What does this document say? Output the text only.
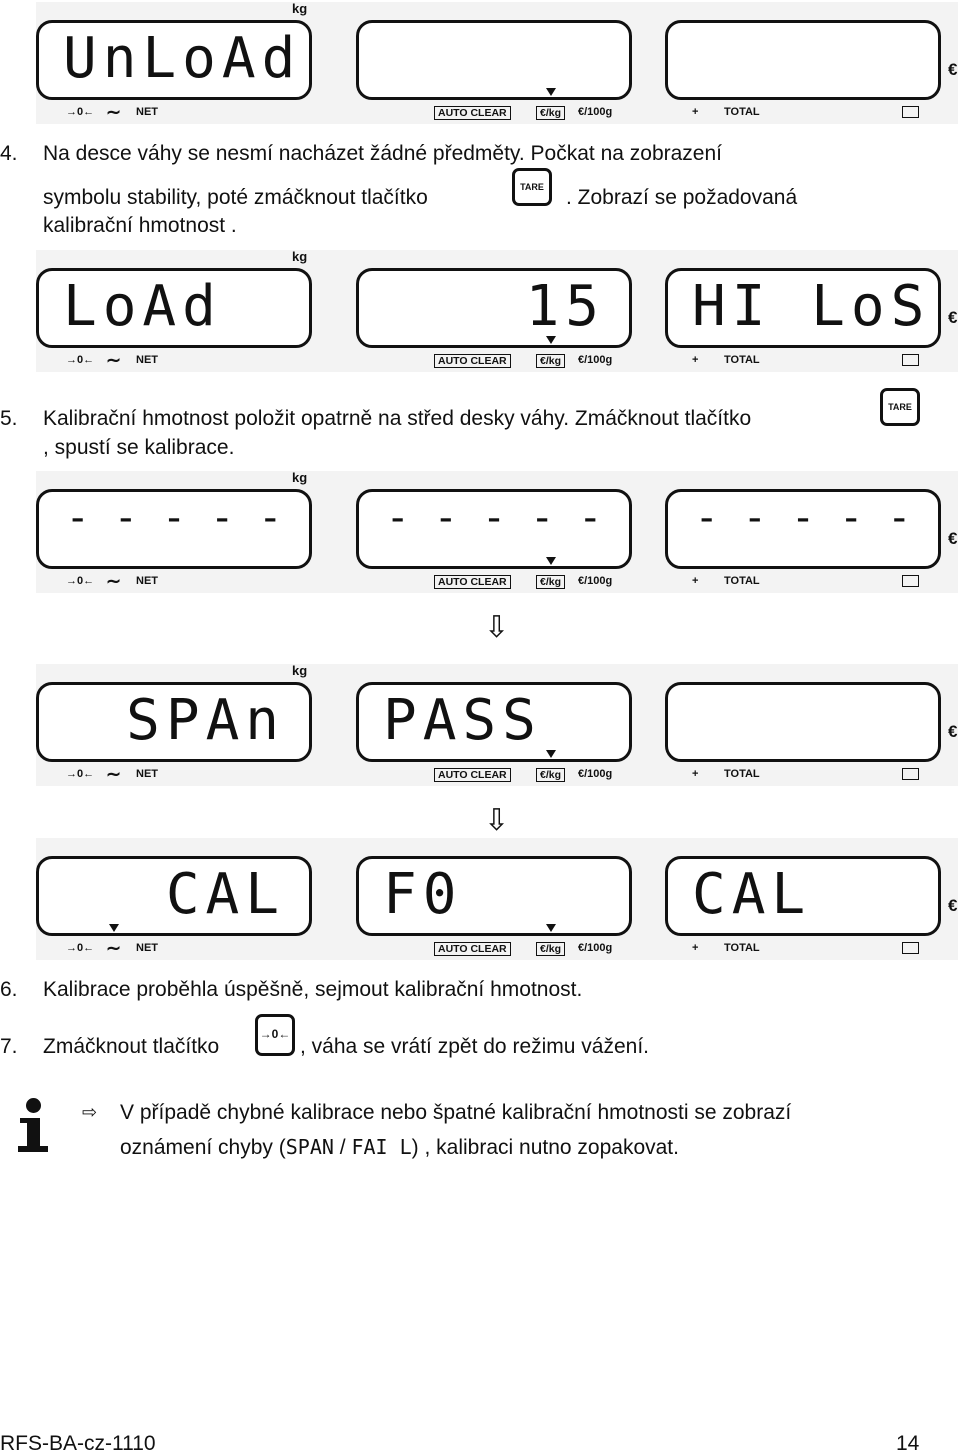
kg
UnLoAd	€
→0← ∼ NET	AUTO CLEAR	€/kg	€/100g	+ TOTAL
4. Na desce váhy se nesmí nacházet žádné předměty. Počkat na zobrazení
symbolu stability, poté zmáčknout tlačítko	TARE	. Zobrazí se požadovaná
kalibrační hmotnost .
kg
LoAd	15	HI LoS	€
→0← ∼ NET	AUTO CLEAR	€/kg	€/100g	+ TOTAL
5. Kalibrační hmotnost položit opatrně na střed desky váhy. Zmáčknout tlačítko	TARE
, spustí se kalibrace.
kg
- - - - -	- - - - -	- - - - -	€
→0← ∼ NET	AUTO CLEAR	€/kg	€/100g	+ TOTAL
⇩
kg
SPAn	PASS	€
→0← ∼ NET	AUTO CLEAR	€/kg	€/100g	+ TOTAL
⇩
CAL	F0	CAL	€
→0← ∼ NET	AUTO CLEAR	€/kg	€/100g	+ TOTAL
6. Kalibrace proběhla úspěšně, sejmout kalibrační hmotnost.
7. Zmáčknout tlačítko
→0←
, váha se vrátí zpět do režimu vážení.
⇨ V případě chybné kalibrace nebo špatné kalibrační hmotnosti se zobrazí
oznámení chyby (SPAN / FAI L) , kalibraci nutno zopakovat.
RFS-BA-cz-1110	14
